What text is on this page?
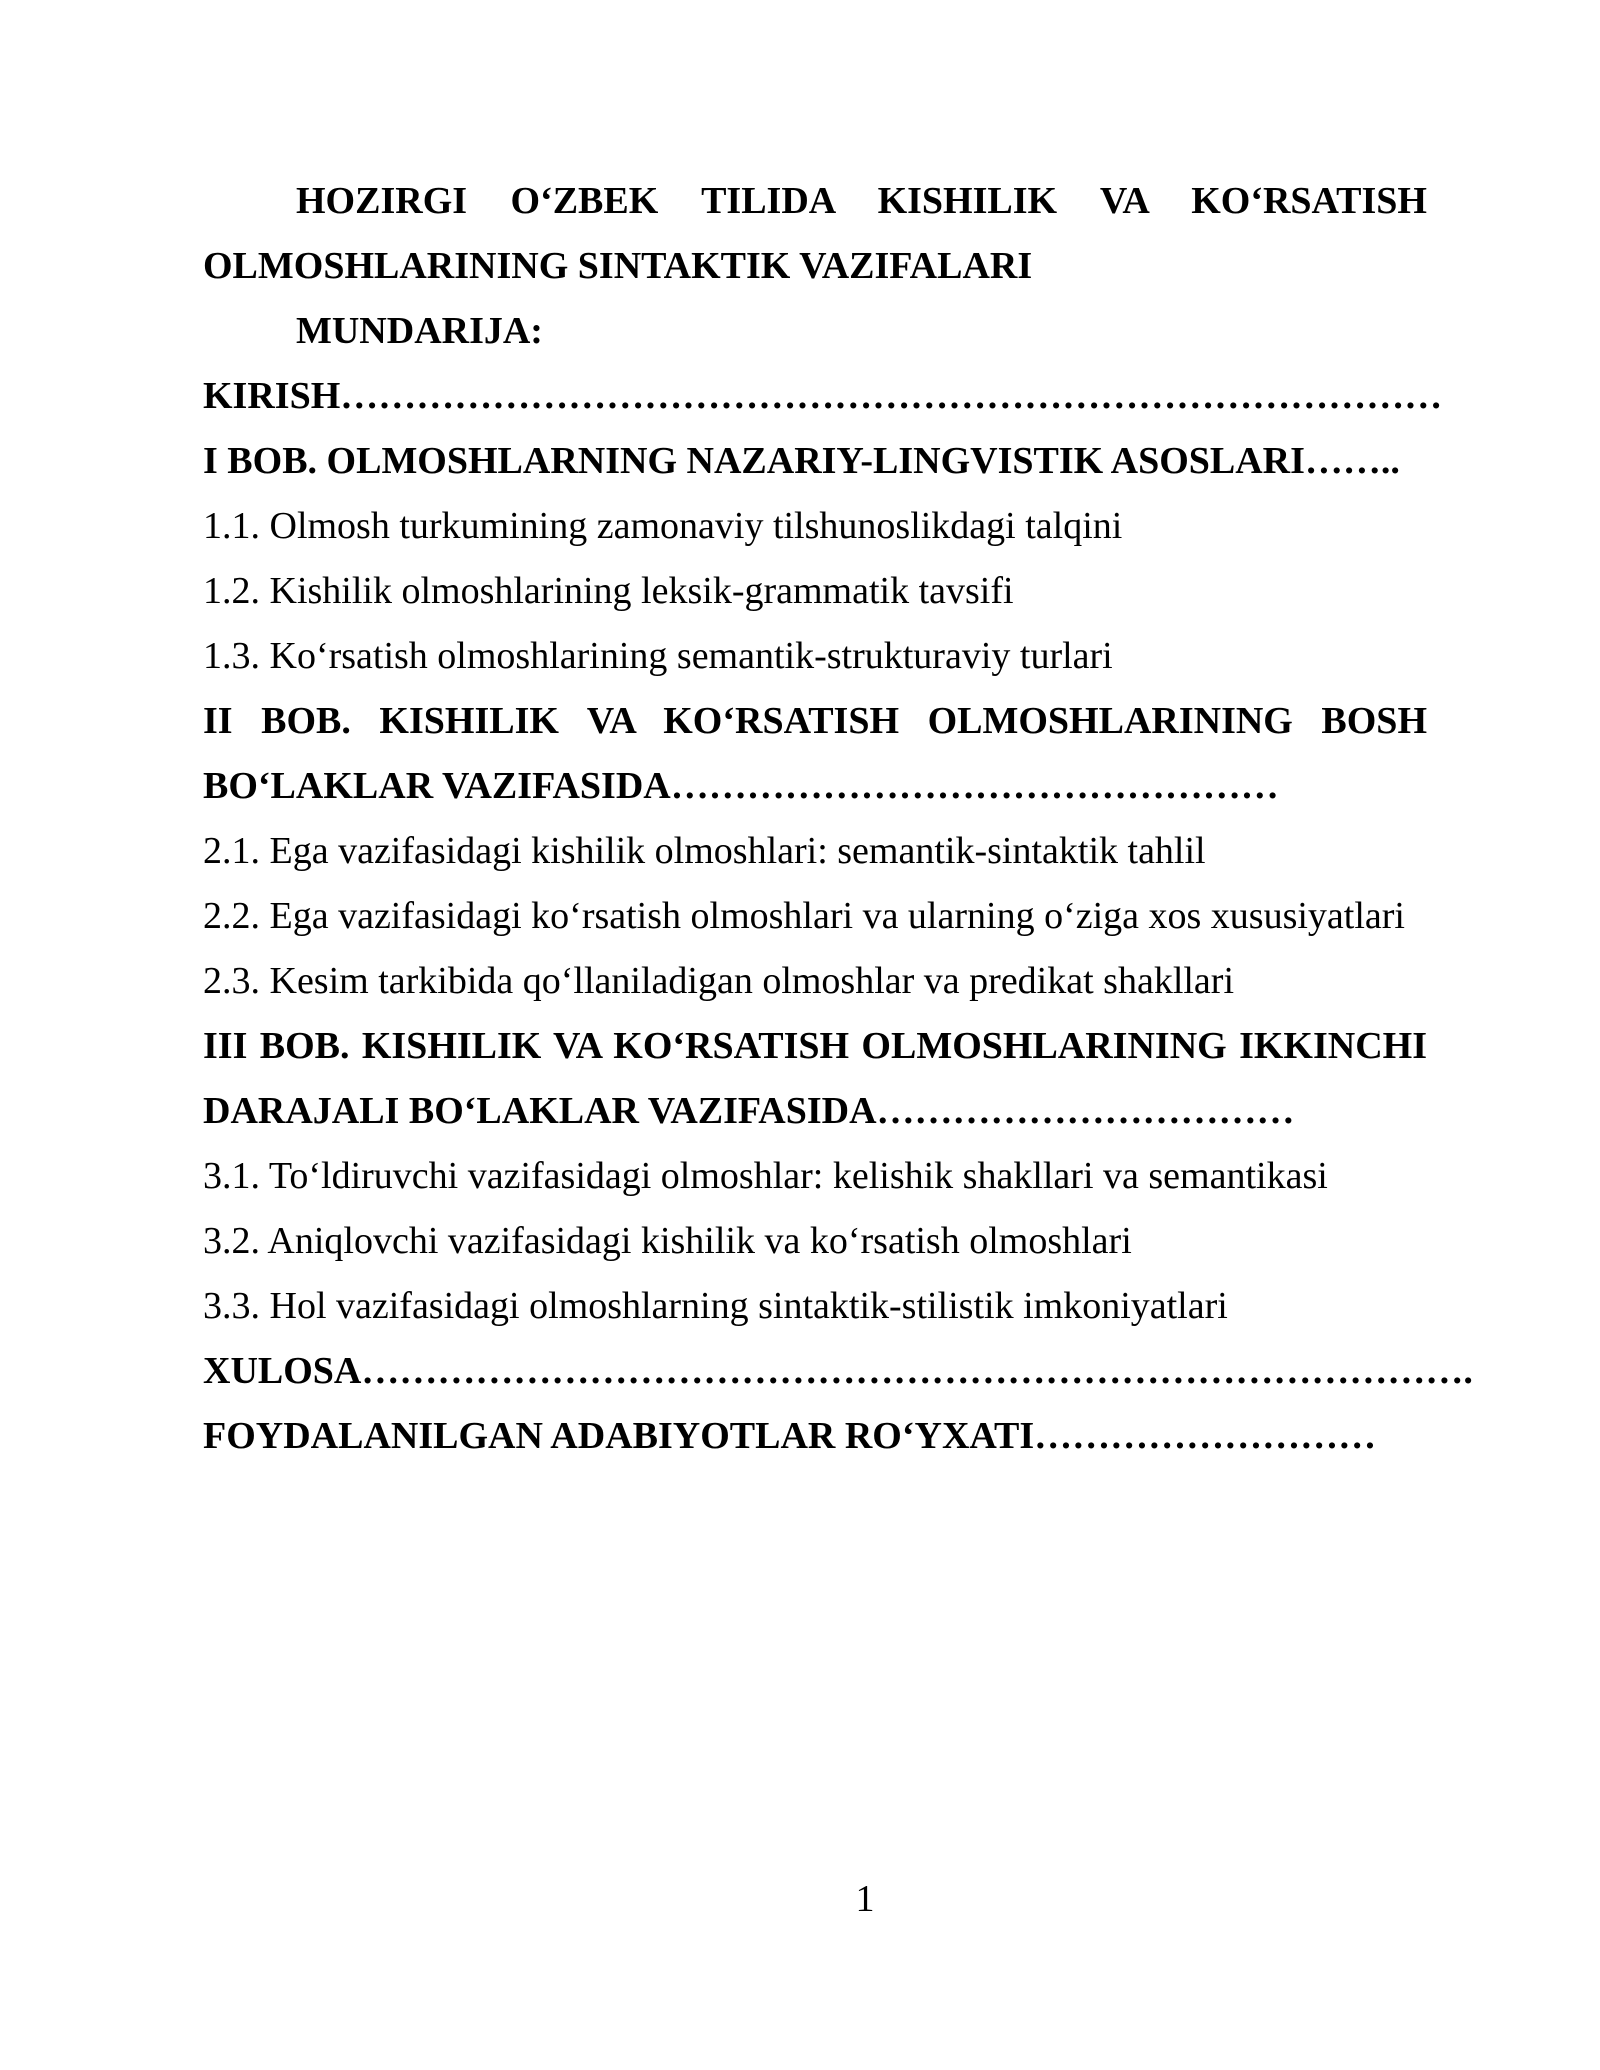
HOZIRGI O‘ZBEK TILIDA KISHILIK VA KO‘RSATISH
OLMOSHLARINING SINTAKTIK VAZIFALARI
MUNDARIJA:
KIRISH……………………………………………………………………………
I BOB. OLMOSHLARNING NAZARIY-LINGVISTIK ASOSLARI……..
1.1. Olmosh turkumining zamonaviy tilshunoslikdagi talqini
1.2. Kishilik olmoshlarining leksik-grammatik tavsifi
1.3. Ko‘rsatish olmoshlarining semantik-strukturaviy turlari
II BOB. KISHILIK VA KO‘RSATISH OLMOSHLARINING BOSH
BO‘LAKLAR VAZIFASIDA…………………………………………
2.1. Ega vazifasidagi kishilik olmoshlari: semantik-sintaktik tahlil
2.2. Ega vazifasidagi ko‘rsatish olmoshlari va ularning o‘ziga xos xususiyatlari
2.3. Kesim tarkibida qo‘llaniladigan olmoshlar va predikat shakllari
III BOB. KISHILIK VA KO‘RSATISH OLMOSHLARINING IKKINCHI
DARAJALI BO‘LAKLAR VAZIFASIDA……………………………
3.1. To‘ldiruvchi vazifasidagi olmoshlar: kelishik shakllari va semantikasi
3.2. Aniqlovchi vazifasidagi kishilik va ko‘rsatish olmoshlari
3.3. Hol vazifasidagi olmoshlarning sintaktik-stilistik imkoniyatlari
XULOSA…………………………………………………………………………….
FOYDALANILGAN ADABIYOTLAR RO‘YXATI………………………
1
